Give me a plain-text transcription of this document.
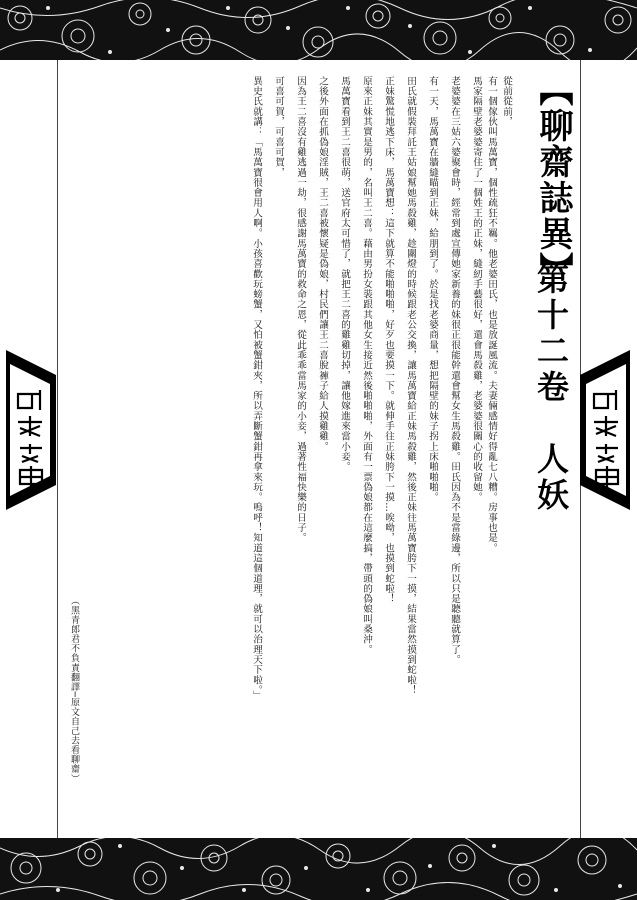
【聊齋誌異】
第十二卷　人妖
從前從前，
有一個傢伙叫馬萬寶，個性疏狂不羈。他老婆田氏，也是放誕風流。夫妻倆感情好得亂七八糟。房事也是。
馬家隔壁老婆婆寄住了一個姓王的正妹，縫紉手藝很好，還會馬殺雞，老婆婆很關心的收留她。
老婆婆在三姑六婆聚會時，經常到處宣傳她家新養的妹很正很能幹還會幫女生馬殺雞。田氏因為不是當綠邊，所以只是聽聽就算了。
有一天，馬萬寶在牆縫瞄到正妹，給朋到了。於是找老婆商量，想把隔壁的妹子拐上床啪啪啪。
田氏就假裝拜託王姑娘幫她馬殺雞，趁關燈的時候跟老公交換，讓馬萬寶給正妹馬殺雞，然後正妹往馬萬寶胯下一摸，結果當然摸到蛇啦！
正妹驚慌地逃下床，馬萬寶想：這下就算不能啪啪啪，好歹也要摸一下。就伸手往正妹胯下一摸…唉呦，也摸到蛇啦！
原來正妹其實是男的，名叫王二喜。藉由男扮女裝跟其他女生接近然後啪啪啪，外面有一票偽娘都在這麼搞，帶頭的偽娘叫桑沖。
馬萬寶看到王二喜很萌，送官府太可惜了，就把王二喜的雞雞切掉，讓他嫁進來當小妾。
之後外面在抓偽娘淫賊，王二喜被懷疑是偽娘，村民們讓王二喜脫褲子給人摸雞雞。
因為王二喜沒有雞逃過一劫，很感謝馬萬寶的救命之恩，從此乖乖當馬家的小妾，過著性福快樂的日子。
可喜可賀，可喜可賀，
異史氏就講：「馬萬寶很會用人啊。小孩喜歡玩螃蟹，又怕被蟹鉗夾，所以弄斷蟹鉗再拿來玩。嗚呼！知道這個道理，就可以治理天下啦。」
（黑青郎君不負責翻譯─原文自己去看聊齋）
